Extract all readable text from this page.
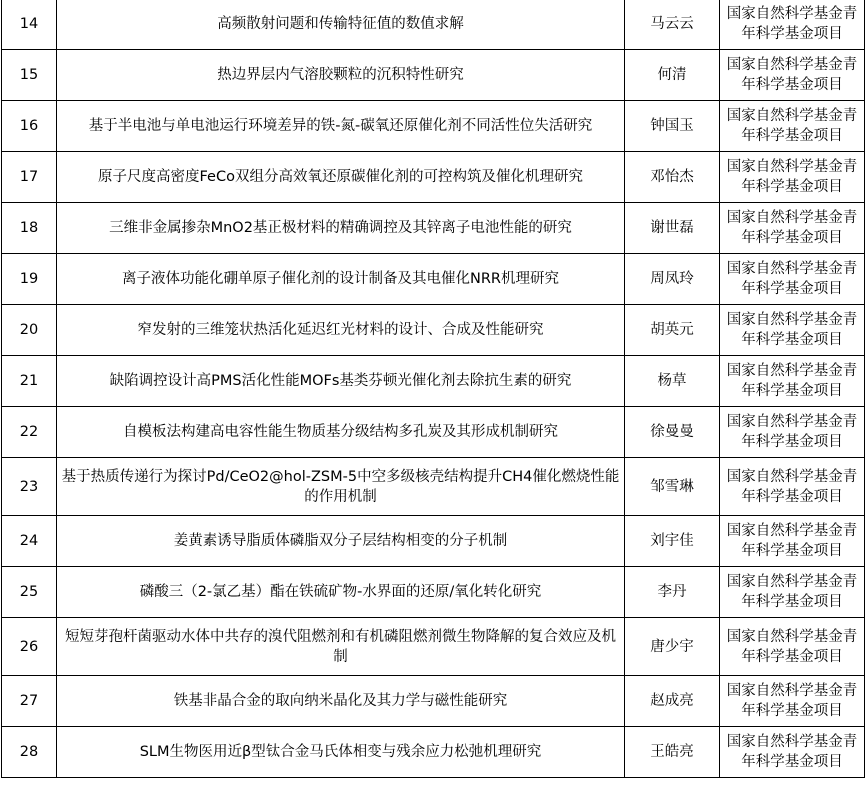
14	高频散射问题和传输特征值的数值求解	马云云	国家自然科学基金青年科学基金项目
15	热边界层内气溶胶颗粒的沉积特性研究	何清	国家自然科学基金青年科学基金项目
16	基于半电池与单电池运行环境差异的铁-氮-碳氧还原催化剂不同活性位失活研究	钟国玉	国家自然科学基金青年科学基金项目
17	原子尺度高密度FeCo双组分高效氧还原碳催化剂的可控构筑及催化机理研究	邓怡杰	国家自然科学基金青年科学基金项目
18	三维非金属掺杂MnO2基正极材料的精确调控及其锌离子电池性能的研究	谢世磊	国家自然科学基金青年科学基金项目
19	离子液体功能化硼单原子催化剂的设计制备及其电催化NRR机理研究	周凤玲	国家自然科学基金青年科学基金项目
20	窄发射的三维笼状热活化延迟红光材料的设计、合成及性能研究	胡英元	国家自然科学基金青年科学基金项目
21	缺陷调控设计高PMS活化性能MOFs基类芬顿光催化剂去除抗生素的研究	杨草	国家自然科学基金青年科学基金项目
22	自模板法构建高电容性能生物质基分级结构多孔炭及其形成机制研究	徐曼曼	国家自然科学基金青年科学基金项目
23	基于热质传递行为探讨Pd/CeO2@hol-ZSM-5中空多级核壳结构提升CH4催化燃烧性能的作用机制	邹雪琳	国家自然科学基金青年科学基金项目
24	姜黄素诱导脂质体磷脂双分子层结构相变的分子机制	刘宇佳	国家自然科学基金青年科学基金项目
25	磷酸三（2-氯乙基）酯在铁硫矿物-水界面的还原/氧化转化研究	李丹	国家自然科学基金青年科学基金项目
26	短短芽孢杆菌驱动水体中共存的溴代阻燃剂和有机磷阻燃剂微生物降解的复合效应及机制	唐少宇	国家自然科学基金青年科学基金项目
27	铁基非晶合金的取向纳米晶化及其力学与磁性能研究	赵成亮	国家自然科学基金青年科学基金项目
28	SLM生物医用近β型钛合金马氏体相变与残余应力松弛机理研究	王皓亮	国家自然科学基金青年科学基金项目
